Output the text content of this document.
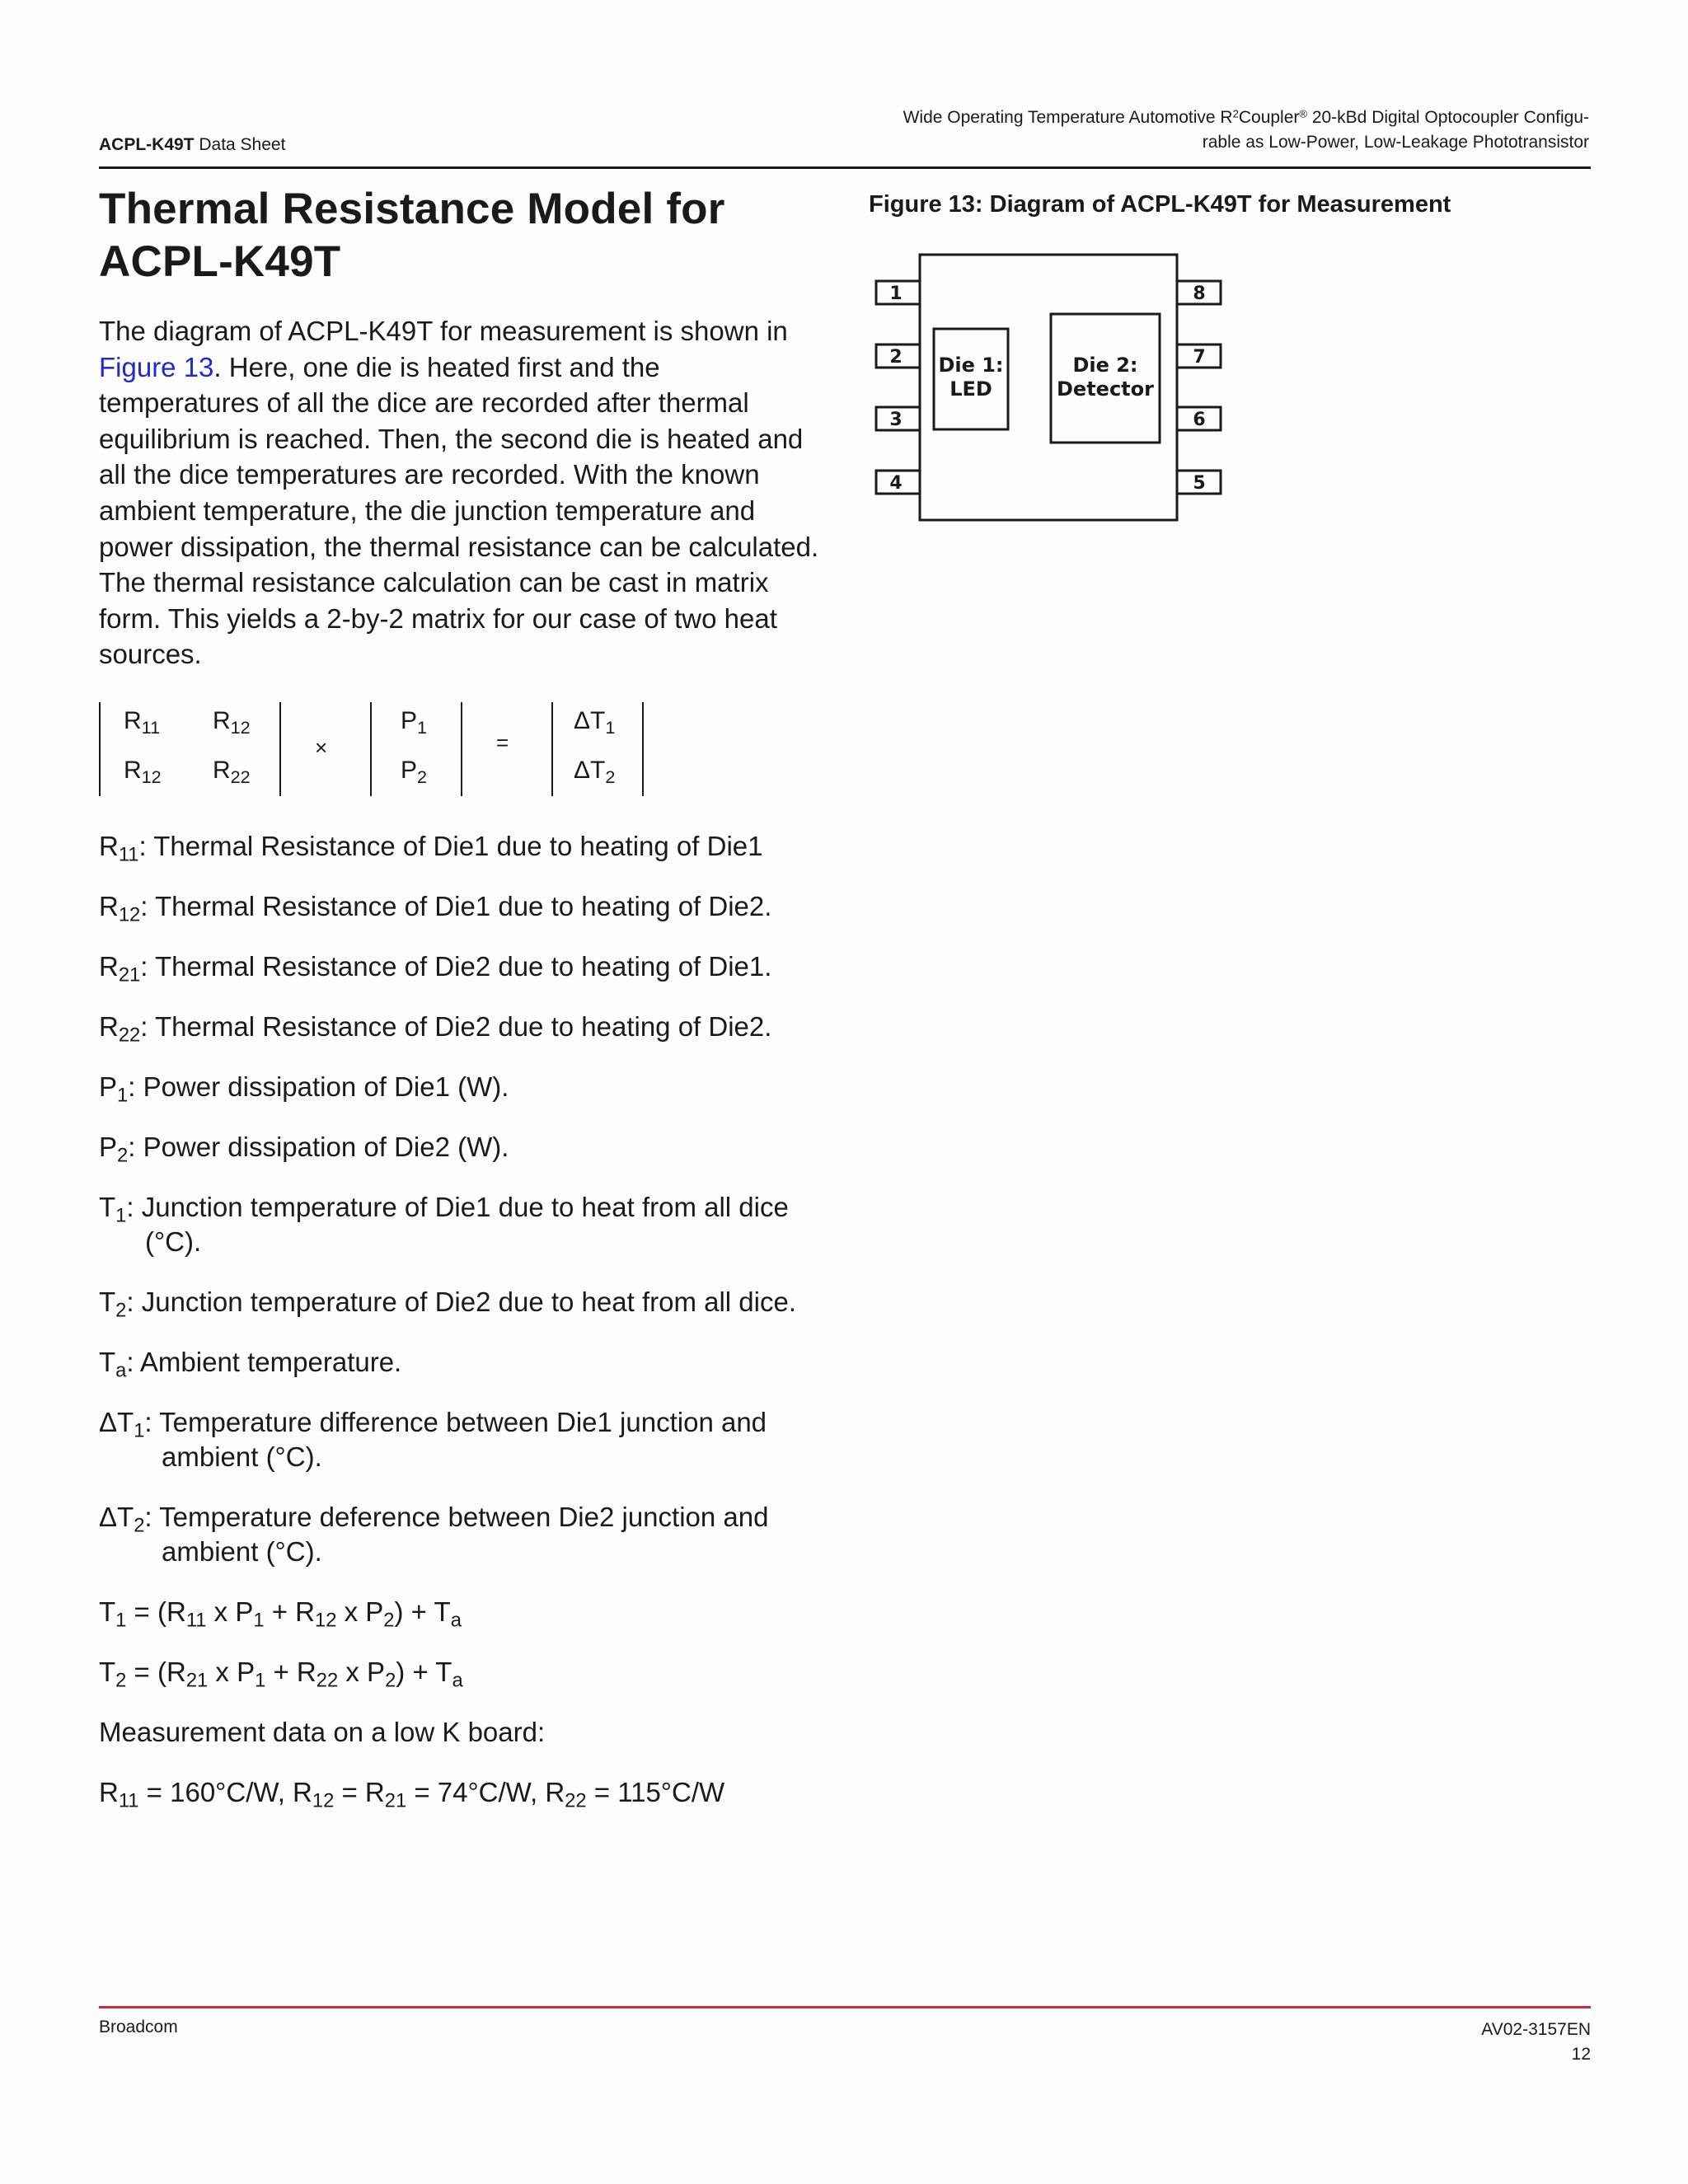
ACPL-K49T Data Sheet
Wide Operating Temperature Automotive $R^2Coupler®$ 20-kBd Digital Optocoupler Configu-
rable as Low-Power, Low-Leakage Phototransistor
Thermal Resistance Model for ACPL-K49T
The diagram of ACPL-K49T for measurement is shown in Figure 13. Here, one die is heated first and the temperatures of all the dice are recorded after thermal equilibrium is reached. Then, the second die is heated and all the dice temperatures are recorded. With the known ambient temperature, the die junction temperature and power dissipation, the thermal resistance can be calculated. The thermal resistance calculation can be cast in matrix form. This yields a 2-by-2 matrix for our case of two heat sources.
$R_{11}$ $R_{12}$
$R_{12}$ $R_{22}$
×
$P_1$
$P_2$
=
$\Delta T_1$
$\Delta T_2$
$R_{11}$: Thermal Resistance of Die1 due to heating of Die1
$R_{12}$: Thermal Resistance of Die1 due to heating of Die2.
$R_{21}$: Thermal Resistance of Die2 due to heating of Die1.
$R_{22}$: Thermal Resistance of Die2 due to heating of Die2.
$P_1$: Power dissipation of Die1 (W).
$P_2$: Power dissipation of Die2 (W).
$T_1$: Junction temperature of Die1 due to heat from all dice (°C).
$T_2$: Junction temperature of Die2 due to heat from all dice.
$T_a$: Ambient temperature.
$\Delta T_1$: Temperature difference between Die1 junction and ambient (°C).
$\Delta T_2$: Temperature deference between Die2 junction and ambient (°C).
$T_1 = (R_{11}$ x $P_1 + R_{12}$ x $P_2) + T_a$
$T_2 = (R_{21}$ x $P_1 + R_{22}$ x $P_2) + T_a$
Measurement data on a low K board:
$R_{11} = 160^\circ C/W$, $R_{12} = R_{21} = 74^\circ C/W$, $R_{22} = 115^\circ C/W$
Figure 13: Diagram of ACPL-K49T for Measurement
1
2
3
4
8
7
6
5
Die 1:
LED
Die 2:
Detector
Broadcom	AV02-3157EN
12
